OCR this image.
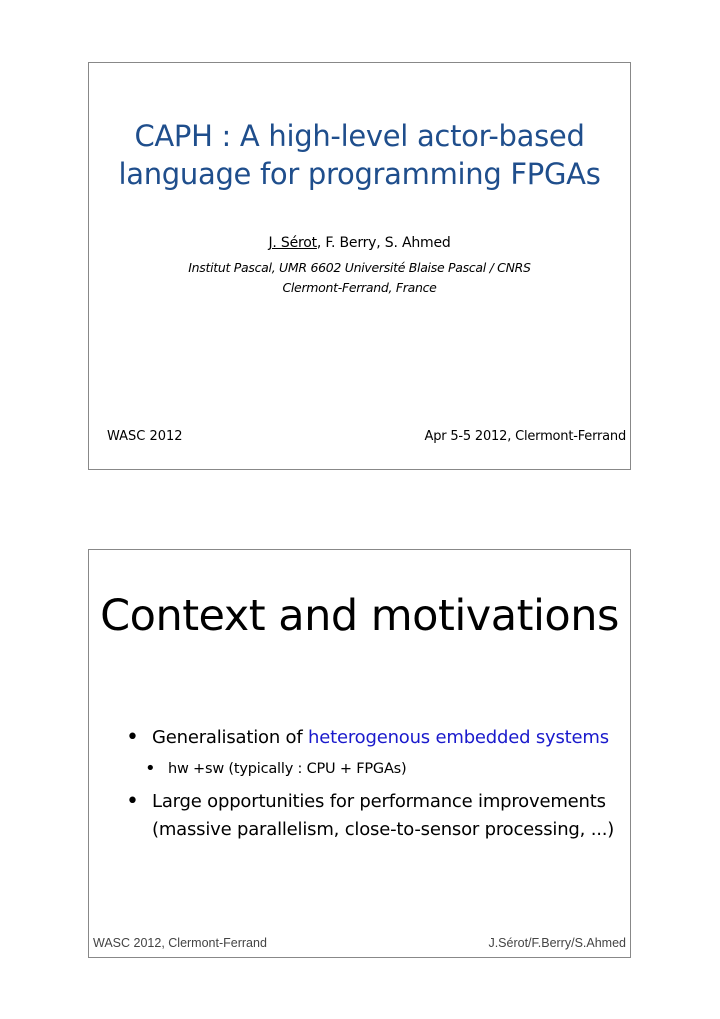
CAPH : A high-level actor-based
language for programming FPGAs
J. Sérot, F. Berry, S. Ahmed
Institut Pascal, UMR 6602 Université Blaise Pascal / CNRS
Clermont-Ferrand, France
WASC 2012	Apr 5-5 2012, Clermont-Ferrand
Context and motivations
• Generalisation of heterogenous embedded systems
• hw +sw (typically : CPU + FPGAs)
• Large opportunities for performance improvements
(massive parallelism, close-to-sensor processing, ...)
WASC 2012, Clermont-Ferrand	J.Sérot/F.Berry/S.Ahmed
